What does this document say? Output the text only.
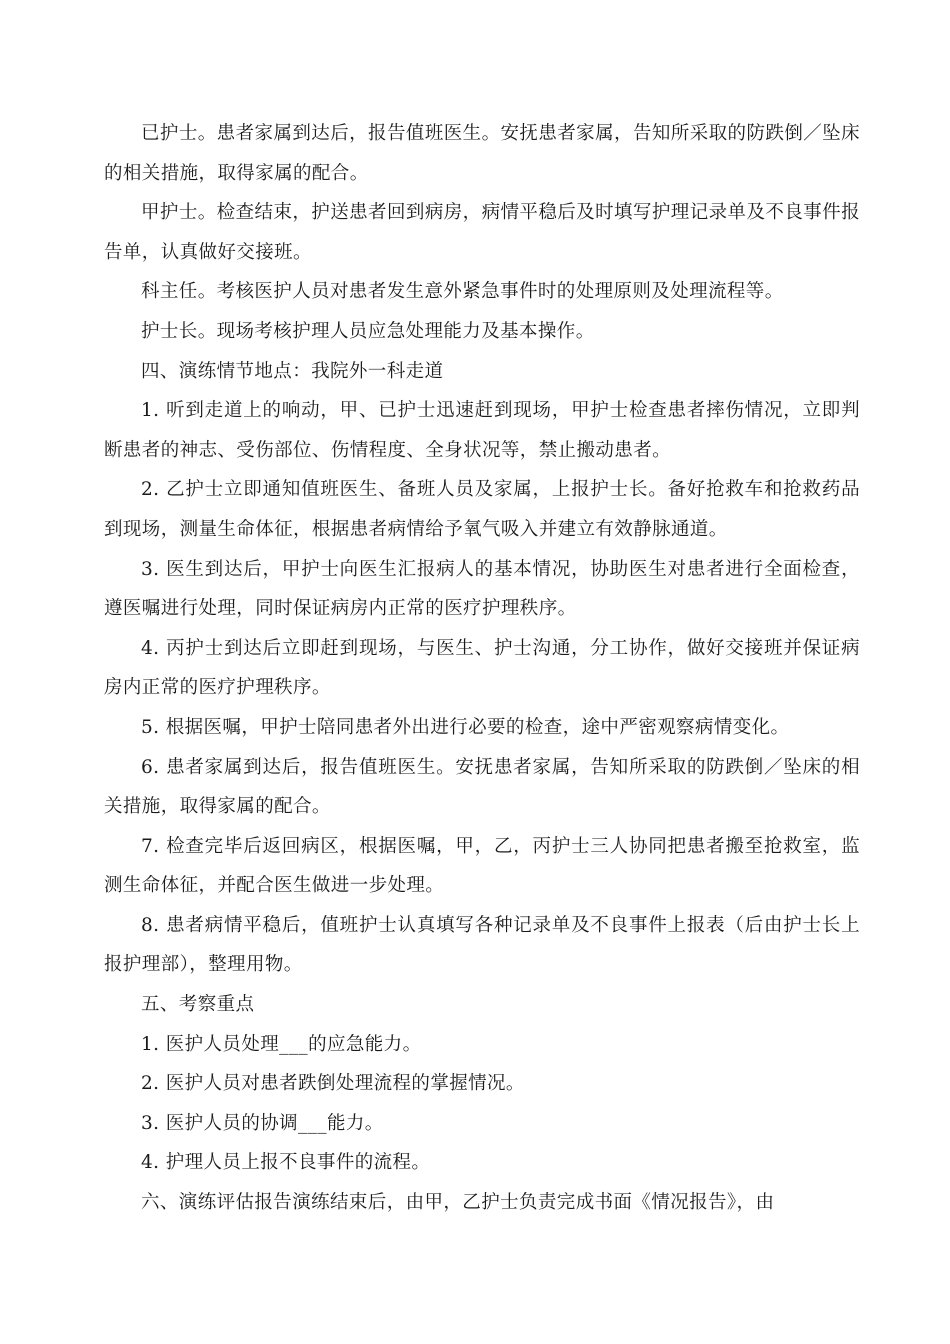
已护士。患者家属到达后，报告值班医生。安抚患者家属，告知所采取的防跌倒／坠床的相关措施，取得家属的配合。

甲护士。检查结束，护送患者回到病房，病情平稳后及时填写护理记录单及不良事件报告单，认真做好交接班。

科主任。考核医护人员对患者发生意外紧急事件时的处理原则及处理流程等。

护士长。现场考核护理人员应急处理能力及基本操作。

四、演练情节地点：我院外一科走道

1. 听到走道上的响动，甲、已护士迅速赶到现场，甲护士检查患者摔伤情况，立即判断患者的神志、受伤部位、伤情程度、全身状况等，禁止搬动患者。

2. 乙护士立即通知值班医生、备班人员及家属，上报护士长。备好抢救车和抢救药品到现场，测量生命体征，根据患者病情给予氧气吸入并建立有效静脉通道。

3. 医生到达后，甲护士向医生汇报病人的基本情况，协助医生对患者进行全面检查，遵医嘱进行处理，同时保证病房内正常的医疗护理秩序。

4. 丙护士到达后立即赶到现场，与医生、护士沟通，分工协作，做好交接班并保证病房内正常的医疗护理秩序。

5. 根据医嘱，甲护士陪同患者外出进行必要的检查，途中严密观察病情变化。

6. 患者家属到达后，报告值班医生。安抚患者家属，告知所采取的防跌倒／坠床的相关措施，取得家属的配合。

7. 检查完毕后返回病区，根据医嘱，甲，乙，丙护士三人协同把患者搬至抢救室，监测生命体征，并配合医生做进一步处理。

8. 患者病情平稳后，值班护士认真填写各种记录单及不良事件上报表（后由护士长上报护理部），整理用物。

五、考察重点

1. 医护人员处理___的应急能力。

2. 医护人员对患者跌倒处理流程的掌握情况。

3. 医护人员的协调___能力。

4. 护理人员上报不良事件的流程。

六、演练评估报告演练结束后，由甲，乙护士负责完成书面《情况报告》，由
